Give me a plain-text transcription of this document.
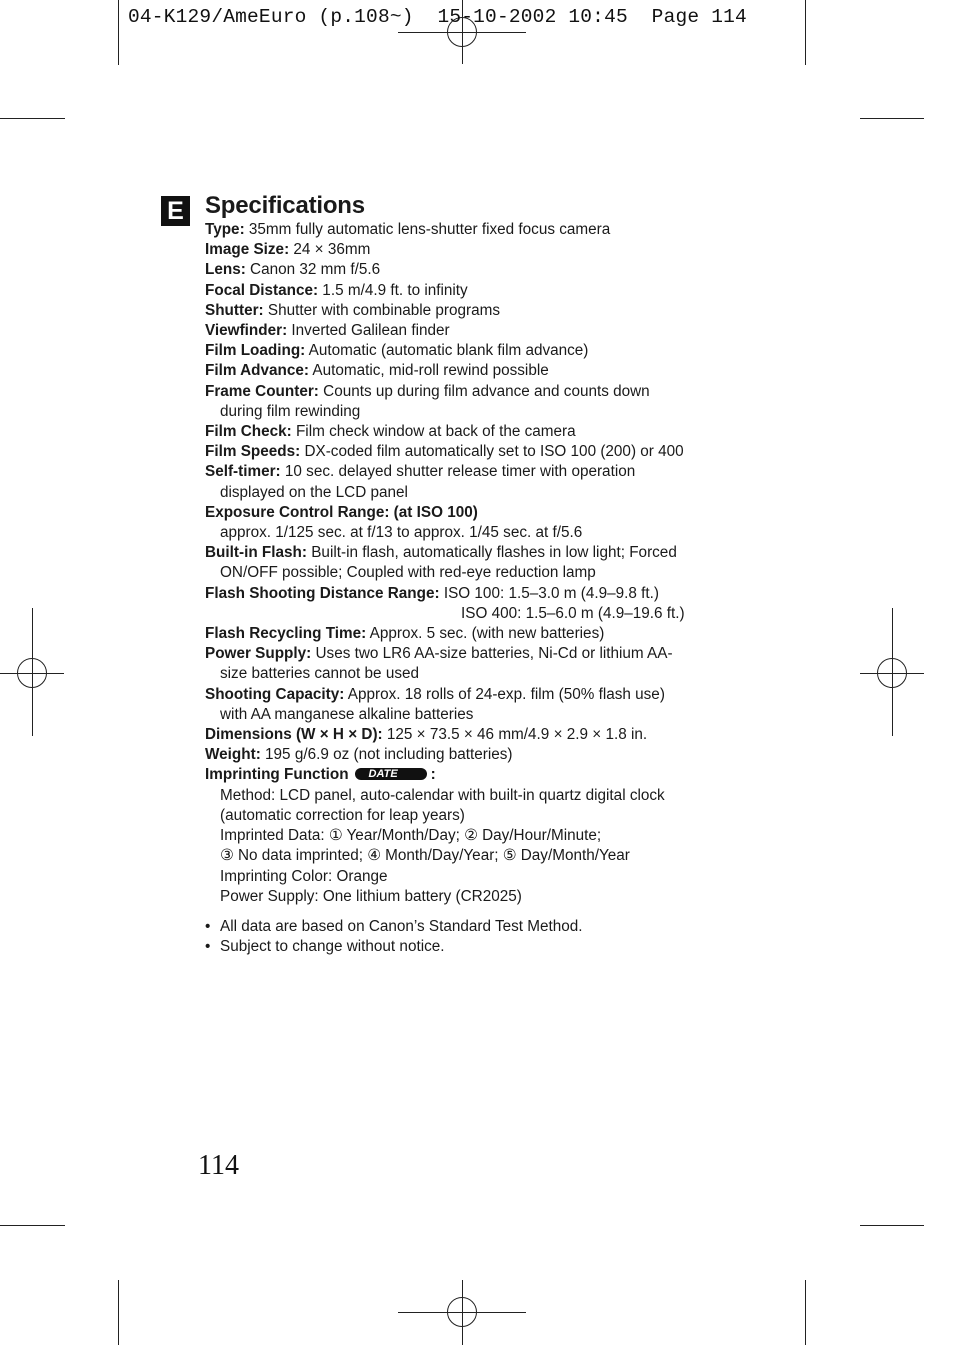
04-K129/AmeEuro (p.108~)  15-10-2002 10:45  Page 114
E Specifications
Type: 35mm fully automatic lens-shutter fixed focus camera
Image Size: 24 × 36mm
Lens: Canon 32 mm f/5.6
Focal Distance: 1.5 m/4.9 ft. to infinity
Shutter: Shutter with combinable programs
Viewfinder: Inverted Galilean finder
Film Loading: Automatic (automatic blank film advance)
Film Advance: Automatic, mid-roll rewind possible
Frame Counter: Counts up during film advance and counts down
during film rewinding
Film Check: Film check window at back of the camera
Film Speeds: DX-coded film automatically set to ISO 100 (200) or 400
Self-timer: 10 sec. delayed shutter release timer with operation
displayed on the LCD panel
Exposure Control Range: (at ISO 100)
approx. 1/125 sec. at f/13 to approx. 1/45 sec. at f/5.6
Built-in Flash: Built-in flash, automatically flashes in low light; Forced
ON/OFF possible; Coupled with red-eye reduction lamp
Flash Shooting Distance Range: ISO 100: 1.5–3.0 m (4.9–9.8 ft.)
ISO 400: 1.5–6.0 m (4.9–19.6 ft.)
Flash Recycling Time: Approx. 5 sec. (with new batteries)
Power Supply: Uses two LR6 AA-size batteries, Ni-Cd or lithium AA-
size batteries cannot be used
Shooting Capacity: Approx. 18 rolls of 24-exp. film (50% flash use)
with AA manganese alkaline batteries
Dimensions (W × H × D): 125 × 73.5 × 46 mm/4.9 × 2.9 × 1.8 in.
Weight: 195 g/6.9 oz (not including batteries)
Imprinting Function DATE :
Method: LCD panel, auto-calendar with built-in quartz digital clock
(automatic correction for leap years)
Imprinted Data: ① Year/Month/Day; ② Day/Hour/Minute;
③ No data imprinted; ④ Month/Day/Year; ⑤ Day/Month/Year
Imprinting Color: Orange
Power Supply: One lithium battery (CR2025)
• All data are based on Canon’s Standard Test Method.
• Subject to change without notice.
114
